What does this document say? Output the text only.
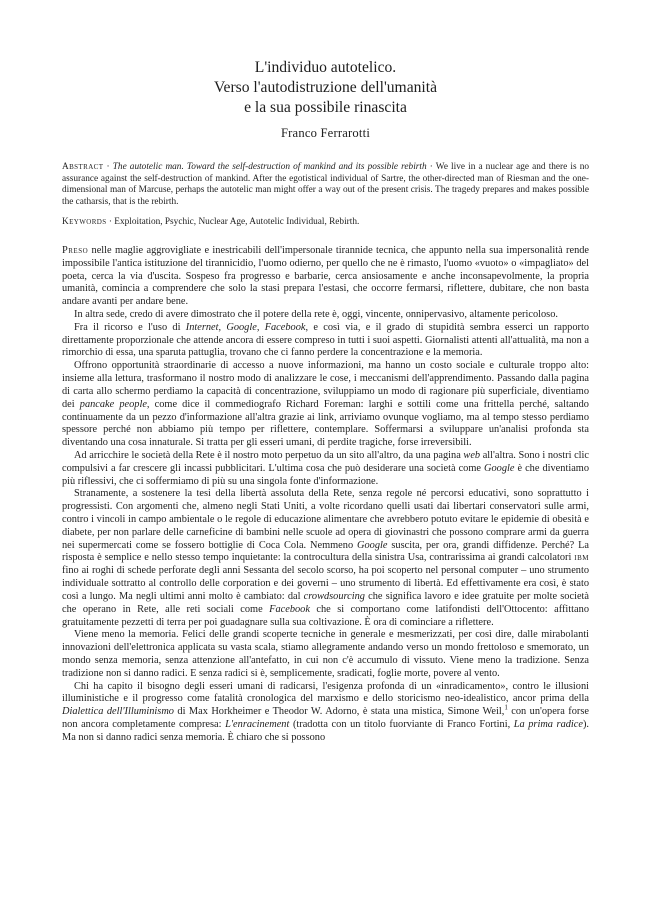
L'individuo autotelico.

Verso l'autodistruzione dell'umanità

e la sua possibile rinascita

Franco Ferrarotti

Abstract · The autotelic man. Toward the self-destruction of mankind and its possible rebirth · We live in a nuclear age and there is no assurance against the self-destruction of mankind. After the egotistical individual of Sartre, the other-directed man of Riesman and the one-dimensional man of Marcuse, perhaps the autotelic man might offer a way out of the present crisis. The tragedy prepares and makes possible the catharsis, that is the rebirth.

Keywords · Exploitation, Psychic, Nuclear Age, Autotelic Individual, Rebirth.

Preso nelle maglie aggrovigliate e inestricabili dell'impersonale tirannide tecnica, che appunto nella sua impersonalità rende impossibile l'antica istituzione del tirannicidio, l'uomo odierno, per quello che ne è rimasto, l'uomo «vuoto» o «impagliato» del poeta, cerca la via d'uscita. Sospeso fra progresso e barbarie, cerca ansiosamente e anche inconsapevolmente, la propria umanità, comincia a comprendere che solo la stasi prepara l'estasi, che occorre fermarsi, riflettere, dubitare, che non basta andare avanti per andare bene.

In altra sede, credo di avere dimostrato che il potere della rete è, oggi, vincente, onnipervasivo, altamente pericoloso.

Fra il ricorso e l'uso di Internet, Google, Facebook, e così via, e il grado di stupidità sembra esserci un rapporto direttamente proporzionale che attende ancora di essere compreso in tutti i suoi aspetti. Giornalisti attenti all'attualità, ma non a rimorchio di essa, una sparuta pattuglia, trovano che ci fanno perdere la concentrazione e la memoria.

Offrono opportunità straordinarie di accesso a nuove informazioni, ma hanno un costo sociale e culturale troppo alto: insieme alla lettura, trasformano il nostro modo di analizzare le cose, i meccanismi dell'apprendimento. Passando dalla pagina di carta allo schermo perdiamo la capacità di concentrazione, sviluppiamo un modo di ragionare più superficiale, diventiamo dei pancake people, come dice il commediografo Richard Foreman: larghi e sottili come una frittella perché, saltando continuamente da un pezzo d'informazione all'altra grazie ai link, arriviamo ovunque vogliamo, ma al tempo stesso perdiamo spessore perché non abbiamo più tempo per riflettere, contemplare. Soffermarsi a sviluppare un'analisi profonda sta diventando una cosa innaturale. Si tratta per gli esseri umani, di perdite tragiche, forse irreversibili.

Ad arricchire le società della Rete è il nostro moto perpetuo da un sito all'altro, da una pagina web all'altra. Sono i nostri clic compulsivi a far crescere gli incassi pubblicitari. L'ultima cosa che può desiderare una società come Google è che diventiamo più riflessivi, che ci soffermiamo di più su una singola fonte d'informazione.

Stranamente, a sostenere la tesi della libertà assoluta della Rete, senza regole né percorsi educativi, sono soprattutto i progressisti. Con argomenti che, almeno negli Stati Uniti, a volte ricordano quelli usati dai libertari conservatori sulle armi, contro i vincoli in campo ambientale o le regole di educazione alimentare che avrebbero potuto evitare le epidemie di obesità e diabete, per non parlare delle carneficine di bambini nelle scuole ad opera di giovinastri che possono comprare armi da guerra nei supermercati come se fossero bottiglie di Coca Cola. Nemmeno Google suscita, per ora, grandi diffidenze. Perché? La risposta è semplice e nello stesso tempo inquietante: la controcultura della sinistra Usa, contrarissima ai grandi calcolatori ibm fino ai roghi di schede perforate degli anni Sessanta del secolo scorso, ha poi scoperto nel personal computer – uno strumento individuale sottratto al controllo delle corporation e dei governi – uno strumento di libertà. Ed effettivamente era così, è stato così a lungo. Ma negli ultimi anni molto è cambiato: dal crowdsourcing che significa lavoro e idee gratuite per molte società che operano in Rete, alle reti sociali come Facebook che si comportano come latifondisti dell'Ottocento: affittano gratuitamente pezzetti di terra per poi guadagnare sulla sua coltivazione. È ora di cominciare a riflettere.

Viene meno la memoria. Felici delle grandi scoperte tecniche in generale e mesmerizzati, per così dire, dalle mirabolanti innovazioni dell'elettronica applicata su vasta scala, stiamo allegramente andando verso un mondo frettoloso e smemorato, un mondo senza memoria, senza attenzione all'antefatto, in cui non c'è accumulo di vissuto. Viene meno la tradizione. Senza tradizione non si danno radici. E senza radici si è, semplicemente, sradicati, foglie morte, povere al vento.

Chi ha capito il bisogno degli esseri umani di radicarsi, l'esigenza profonda di un «inradicamento», contro le illusioni illuministiche e il progresso come fatalità cronologica del marxismo e dello storicismo neo-idealistico, ancor prima della Dialettica dell'Illuminismo di Max Horkheimer e Theodor W. Adorno, è stata una mistica, Simone Weil,$^1$ con un'opera forse non ancora completamente compresa: L'enracinement (tradotta con un titolo fuorviante di Franco Fortini, La prima radice). Ma non si danno radici senza memoria. È chiaro che si possono
